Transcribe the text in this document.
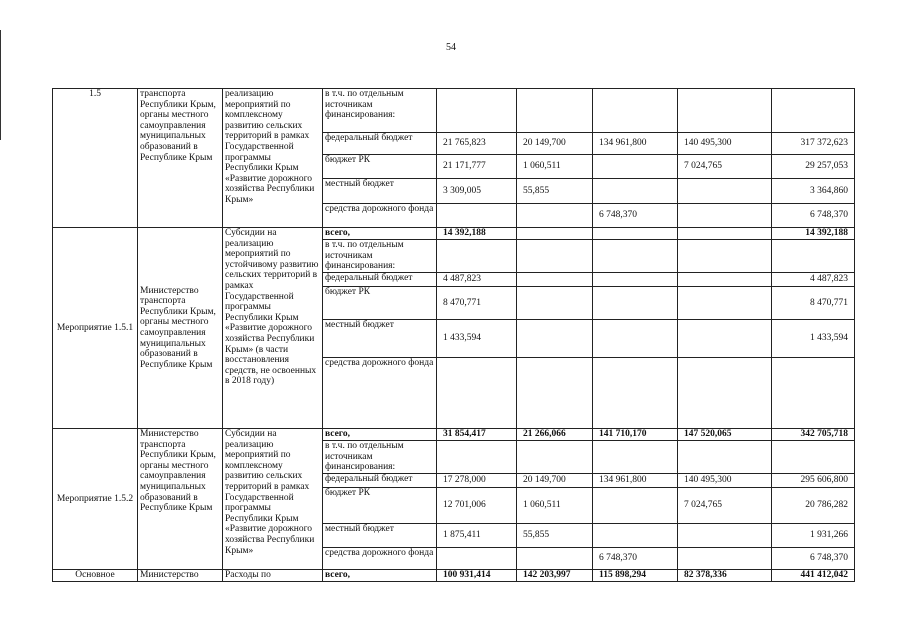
54
1.5	транспорта Республики Крым, органы местного самоуправления муниципальных образований в Республике Крым	реализацию мероприятий по комплексному развитию сельских территорий в рамках Государственной программы Республики Крым «Развитие дорожного хозяйства Республики Крым»	в т.ч. по отдельным источникам финансирования:					
			федеральный бюджет	21 765,823	20 149,700	134 961,800	140 495,300	317 372,623
			бюджет РК	21 171,777	1 060,511		7 024,765	29 257,053
			местный бюджет	3 309,005	55,855			3 364,860
			средства дорожного фонда			6 748,370		6 748,370
Мероприятие 1.5.1	Министерство транспорта Республики Крым, органы местного самоуправления муниципальных образований в Республике Крым	Субсидии на реализацию мероприятий по устойчивому развитию сельских территорий в рамках Государственной программы Республики Крым «Развитие дорожного хозяйства Республики Крым» (в части восстановления средств, не освоенных в 2018 году)	всего,	14 392,188				14 392,188
			в т.ч. по отдельным источникам финансирования:					
			федеральный бюджет	4 487,823				4 487,823
			бюджет РК	8 470,771				8 470,771
			местный бюджет	1 433,594				1 433,594
			средства дорожного фонда					
Мероприятие 1.5.2	Министерство транспорта Республики Крым, органы местного самоуправления муниципальных образований в Республике Крым	Субсидии на реализацию мероприятий по комплексному развитию сельских территорий в рамках Государственной программы Республики Крым «Развитие дорожного хозяйства Республики Крым»	всего,	31 854,417	21 266,066	141 710,170	147 520,065	342 705,718
			в т.ч. по отдельным источникам финансирования:					
			федеральный бюджет	17 278,000	20 149,700	134 961,800	140 495,300	295 606,800
			бюджет РК	12 701,006	1 060,511		7 024,765	20 786,282
			местный бюджет	1 875,411	55,855			1 931,266
			средства дорожного фонда			6 748,370		6 748,370
Основное	Министерство	Расходы по	всего,	100 931,414	142 203,997	115 898,294	82 378,336	441 412,042
